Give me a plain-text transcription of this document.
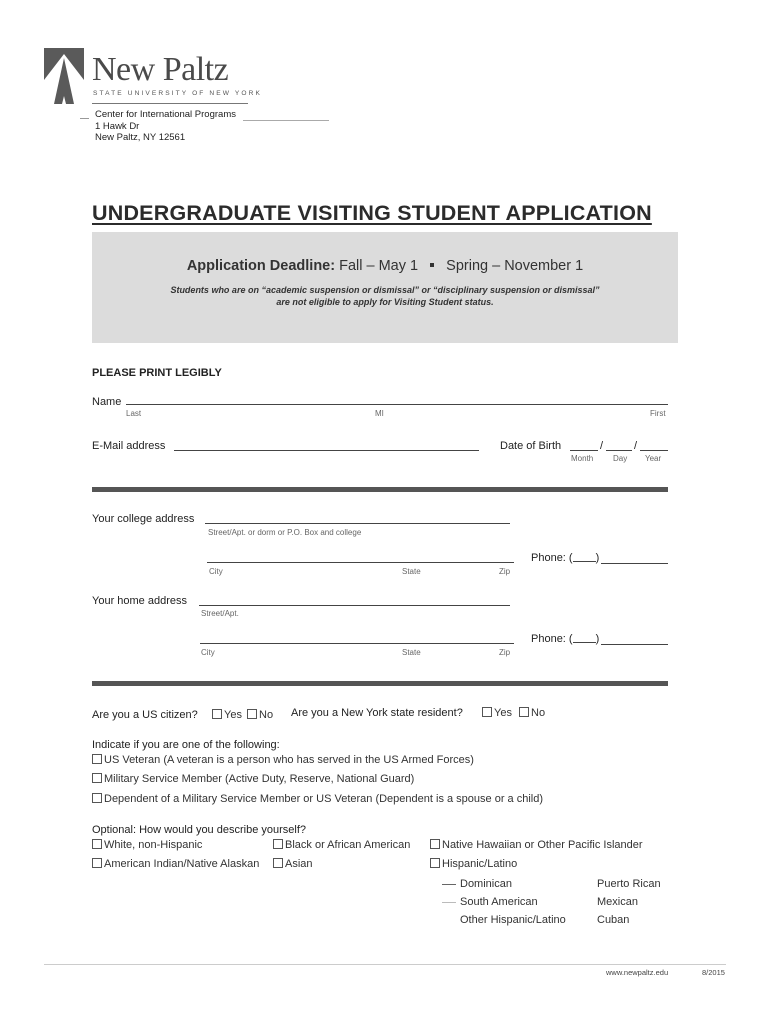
New Paltz
STATE UNIVERSITY OF NEW YORK
Center for International Programs
1 Hawk Dr
New Paltz, NY 12561
UNDERGRADUATE VISITING STUDENT APPLICATION
Application Deadline: Fall – May 1 Spring – November 1
Students who are on “academic suspension or dismissal” or “disciplinary suspension or dismissal”
are not eligible to apply for Visiting Student status.
PLEASE PRINT LEGIBLY
Name
Last	MI	First
E-Mail address	Date of Birth	/	/
Month Day Year
Your college address
Street/Apt. or dorm or P.O. Box and college
City	State	Zip
Phone: ( )
Your home address
Street/Apt.
City	State	Zip
Phone: ( )
Are you a US citizen?	Yes	No Are you a New York state resident?	Yes	No
Indicate if you are one of the following:
US Veteran (A veteran is a person who has served in the US Armed Forces)
Military Service Member (Active Duty, Reserve, National Guard)
Dependent of a Military Service Member or US Veteran (Dependent is a spouse or a child)
Optional: How would you describe yourself?
White, non-Hispanic	Black or African American	Native Hawaiian or Other Pacific Islander
American Indian/Native Alaskan	Asian	Hispanic/Latino
Dominican	Puerto Rican
South American	Mexican
Other Hispanic/Latino	Cuban
www.newpaltz.edu	8/2015
